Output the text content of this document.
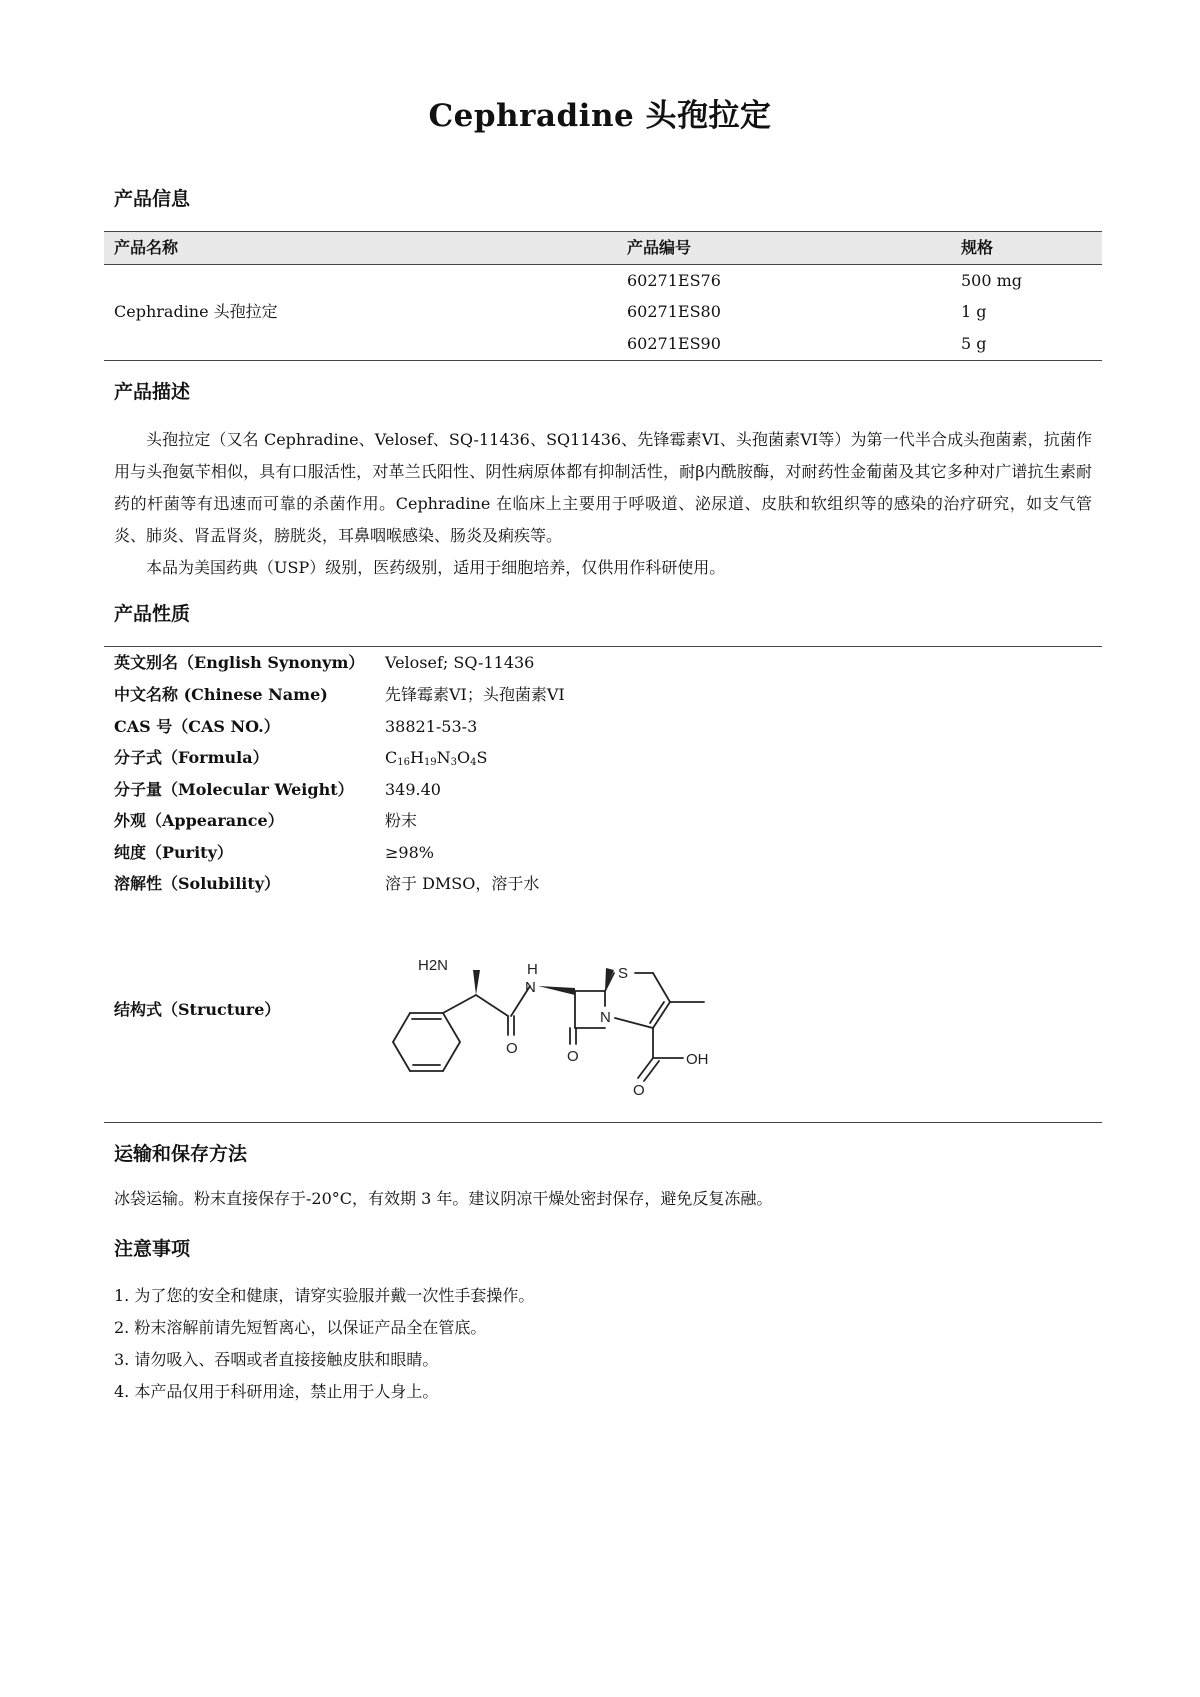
Cephradine 头孢拉定
产品信息
产品名称	产品编号	规格
Cephradine 头孢拉定
60271ES76	500 mg
60271ES80	1 g
60271ES90	5 g
产品描述

头孢拉定（又名 Cephradine、Velosef、SQ-11436、SQ11436、先锋霉素VI、头孢菌素VI等）为第一代半合成头孢菌素，抗菌作用与头孢氨苄相似，具有口服活性，对革兰氏阳性、阴性病原体都有抑制活性，耐β内酰胺酶，对耐药性金葡菌及其它多种对广谱抗生素耐药的杆菌等有迅速而可靠的杀菌作用。Cephradine 在临床上主要用于呼吸道、泌尿道、皮肤和软组织等的感染的治疗研究，如支气管炎、肺炎、肾盂肾炎，膀胱炎，耳鼻咽喉感染、肠炎及痢疾等。

本品为美国药典（USP）级别，医药级别，适用于细胞培养，仅供用作科研使用。

产品性质
英文别名（English Synonym） Velosef; SQ-11436
中文名称 (Chinese Name)	先锋霉素VI；头孢菌素VI
CAS 号（CAS NO.）	38821-53-3
分子式（Formula）	$C_{16}H_{19}N_3O_4S$
分子量（Molecular Weight） 349.40
外观（Appearance）	粉末
纯度（Purity）	≥98%
溶解性（Solubility）	溶于 DMSO，溶于水
结构式（Structure）
H2N	H
N
O	O
N
S
O
OH
运输和保存方法
冰袋运输。粉末直接保存于-20°C，有效期 3 年。建议阴凉干燥处密封保存，避免反复冻融。
注意事项
1. 为了您的安全和健康，请穿实验服并戴一次性手套操作。
2. 粉末溶解前请先短暂离心，以保证产品全在管底。
3. 请勿吸入、吞咽或者直接接触皮肤和眼睛。
4. 本产品仅用于科研用途，禁止用于人身上。
